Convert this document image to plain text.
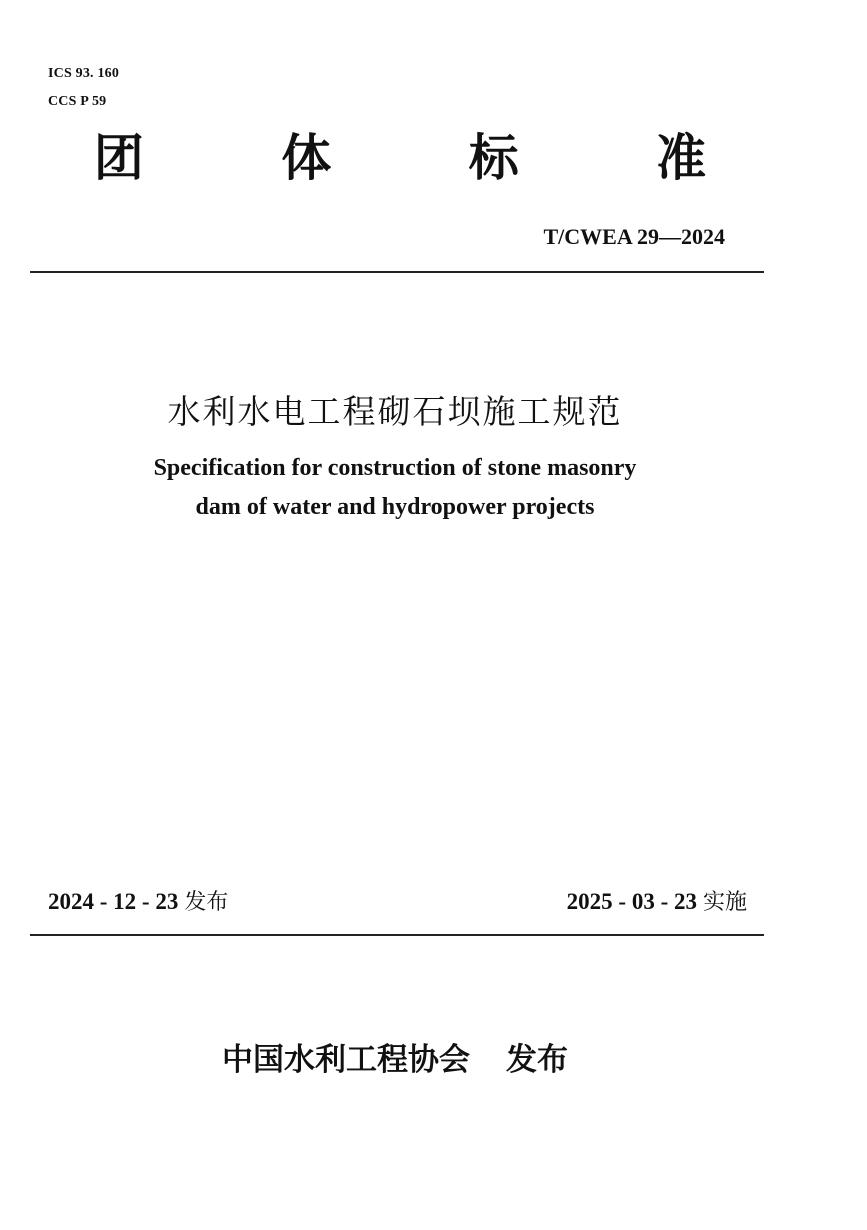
ICS 93. 160
CCS P 59
团 体 标 准
T/CWEA 29—2024
水利水电工程砌石坝施工规范
Specification for construction of stone masonry
dam of water and hydropower projects
2024 - 12 - 23 发布	2025 - 03 - 23 实施
中国水利工程协会 发布
